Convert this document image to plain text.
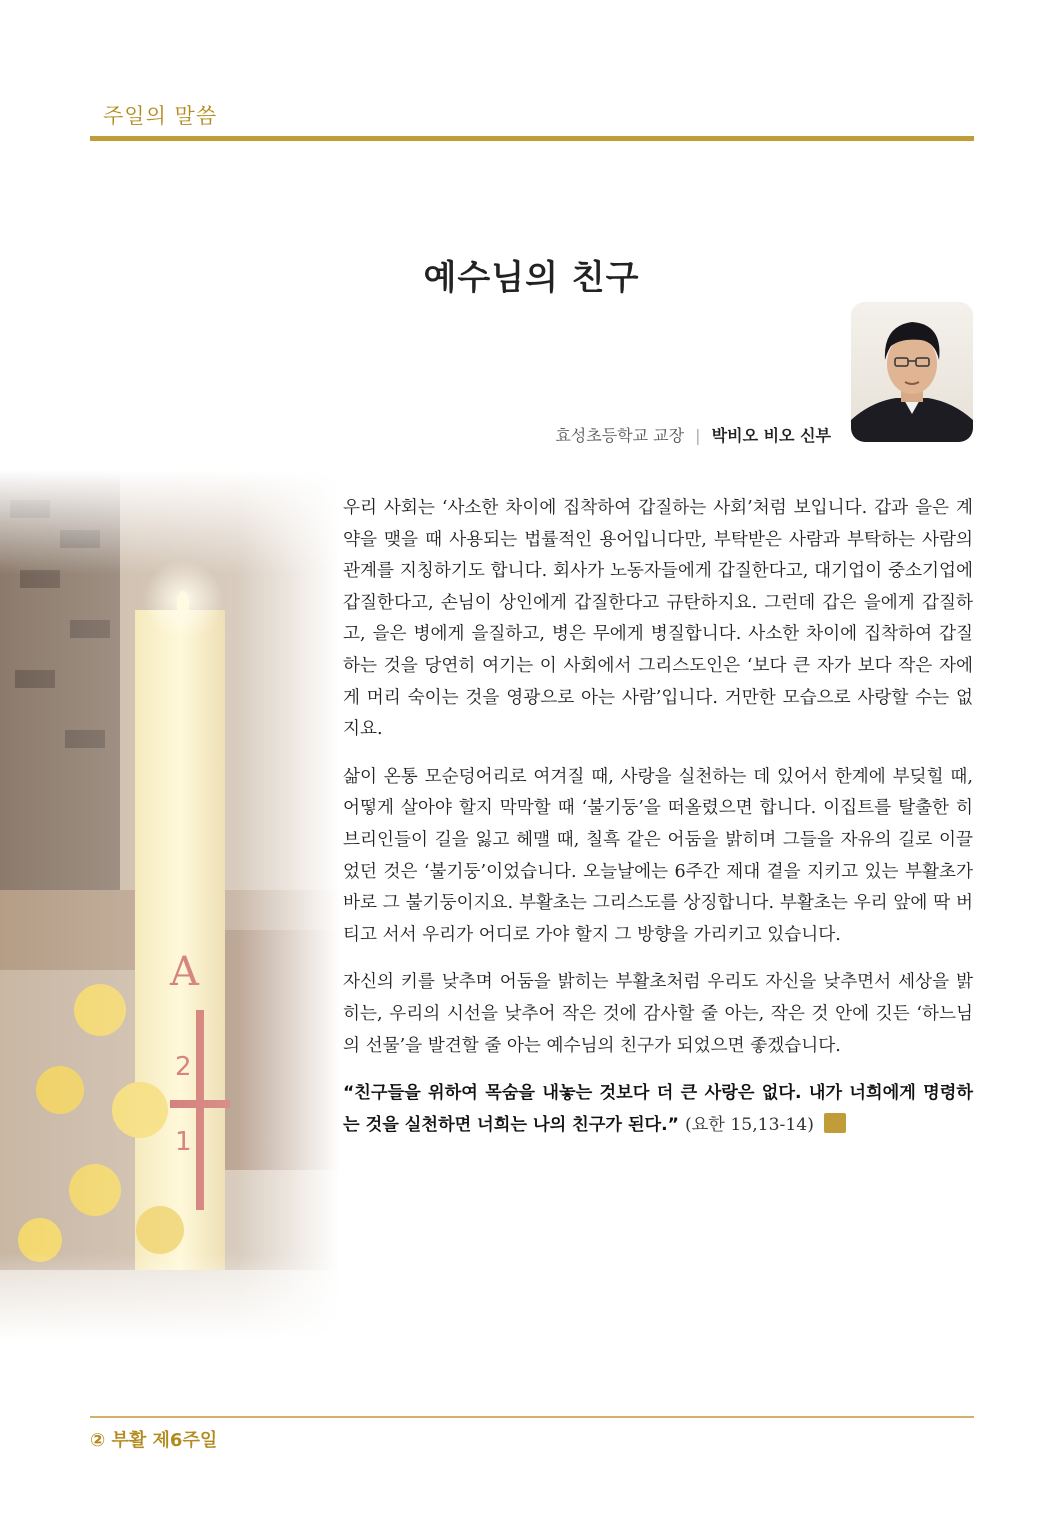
주일의 말씀
예수님의 친구
효성초등학교 교장 | 박비오 비오 신부

우리 사회는 ‘사소한 차이에 집착하여 갑질하는 사회’처럼 보입니다. 갑과 을은 계약을 맺을 때 사용되는 법률적인 용어입니다만, 부탁받은 사람과 부탁하는 사람의 관계를 지칭하기도 합니다. 회사가 노동자들에게 갑질한다고, 대기업이 중소기업에 갑질한다고, 손님이 상인에게 갑질한다고 규탄하지요. 그런데 갑은 을에게 갑질하고, 을은 병에게 을질하고, 병은 무에게 병질합니다. 사소한 차이에 집착하여 갑질하는 것을 당연히 여기는 이 사회에서 그리스도인은 ‘보다 큰 자가 보다 작은 자에게 머리 숙이는 것을 영광으로 아는 사람’입니다. 거만한 모습으로 사랑할 수는 없지요.

삶이 온통 모순덩어리로 여겨질 때, 사랑을 실천하는 데 있어서 한계에 부딪힐 때, 어떻게 살아야 할지 막막할 때 ‘불기둥’을 떠올렸으면 합니다. 이집트를 탈출한 히브리인들이 길을 잃고 헤맬 때, 칠흑 같은 어둠을 밝히며 그들을 자유의 길로 이끌었던 것은 ‘불기둥’이었습니다. 오늘날에는 6주간 제대 곁을 지키고 있는 부활초가 바로 그 불기둥이지요. 부활초는 그리스도를 상징합니다. 부활초는 우리 앞에 딱 버티고 서서 우리가 어디로 가야 할지 그 방향을 가리키고 있습니다.

자신의 키를 낮추며 어둠을 밝히는 부활초처럼 우리도 자신을 낮추면서 세상을 밝히는, 우리의 시선을 낮추어 작은 것에 감사할 줄 아는, 작은 것 안에 깃든 ‘하느님의 선물’을 발견할 줄 아는 예수님의 친구가 되었으면 좋겠습니다.

“친구들을 위하여 목숨을 내놓는 것보다 더 큰 사랑은 없다. 내가 너희에게 명령하는 것을 실천하면 너희는 나의 친구가 된다.” (요한 15,13-14)

② 부활 제6주일
